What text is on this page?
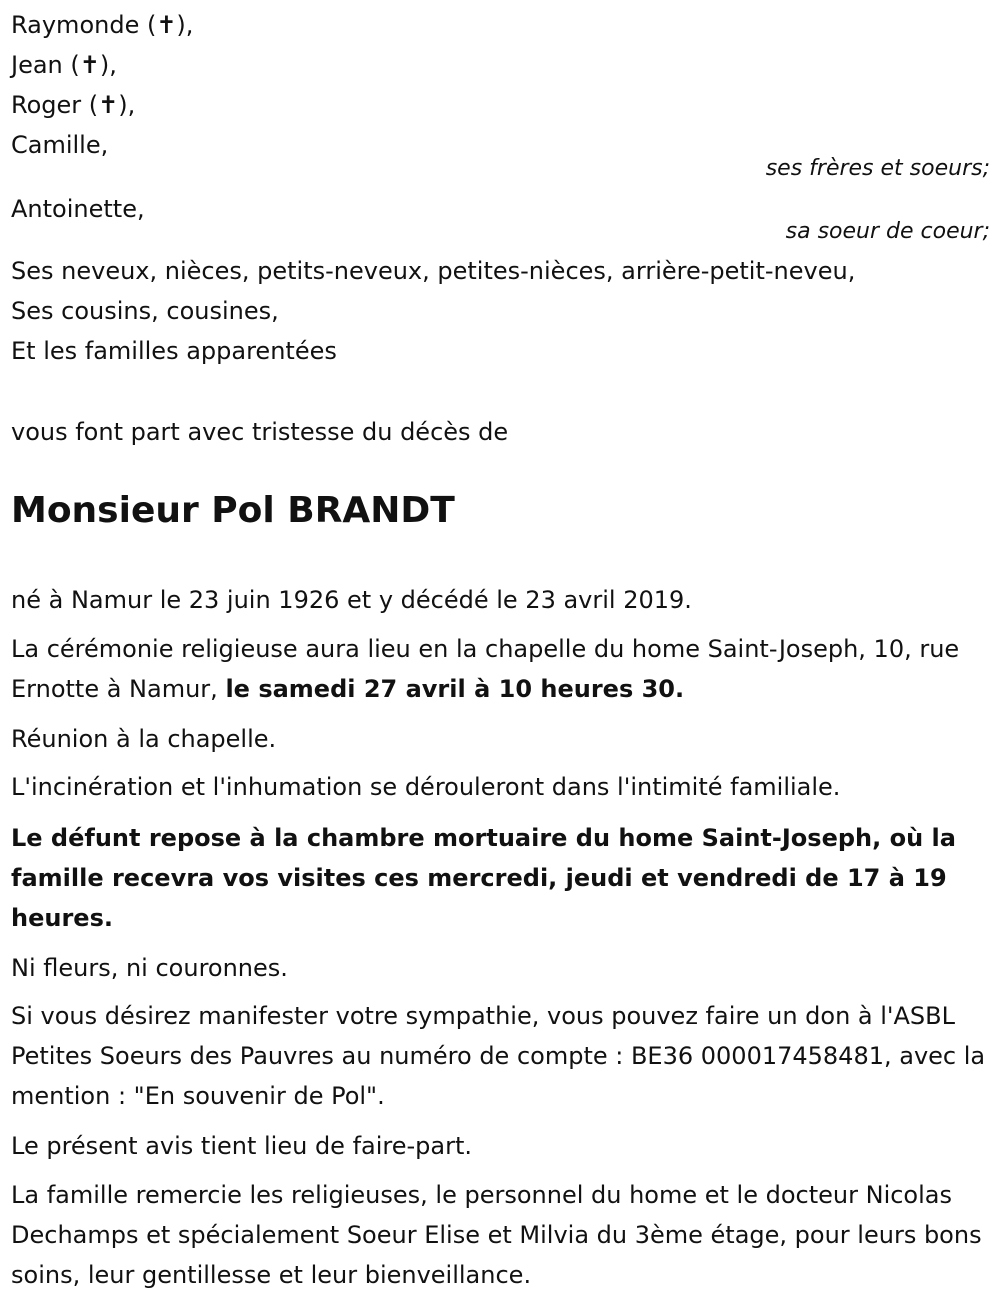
Raymonde (✝),
Jean (✝),
Roger (✝),
Camille,
ses frères et soeurs;
Antoinette,
sa soeur de coeur;
Ses neveux, nièces, petits-neveux, petites-nièces, arrière-petit-neveu,
Ses cousins, cousines,
Et les familles apparentées
vous font part avec tristesse du décès de
Monsieur Pol BRANDT
né à Namur le 23 juin 1926 et y décédé le 23 avril 2019.
La cérémonie religieuse aura lieu en la chapelle du home Saint-Joseph, 10, rue Ernotte à Namur, le samedi 27 avril à 10 heures 30.
Réunion à la chapelle.
L'incinération et l'inhumation se dérouleront dans l'intimité familiale.
Le défunt repose à la chambre mortuaire du home Saint-Joseph, où la famille recevra vos visites ces mercredi, jeudi et vendredi de 17 à 19 heures.
Ni fleurs, ni couronnes.
Si vous désirez manifester votre sympathie, vous pouvez faire un don à l'ASBL Petites Soeurs des Pauvres au numéro de compte : BE36 000017458481, avec la mention : "En souvenir de Pol".
Le présent avis tient lieu de faire-part.
La famille remercie les religieuses, le personnel du home et le docteur Nicolas Dechamps et spécialement Soeur Elise et Milvia du 3ème étage, pour leurs bons soins, leur gentillesse et leur bienveillance.
